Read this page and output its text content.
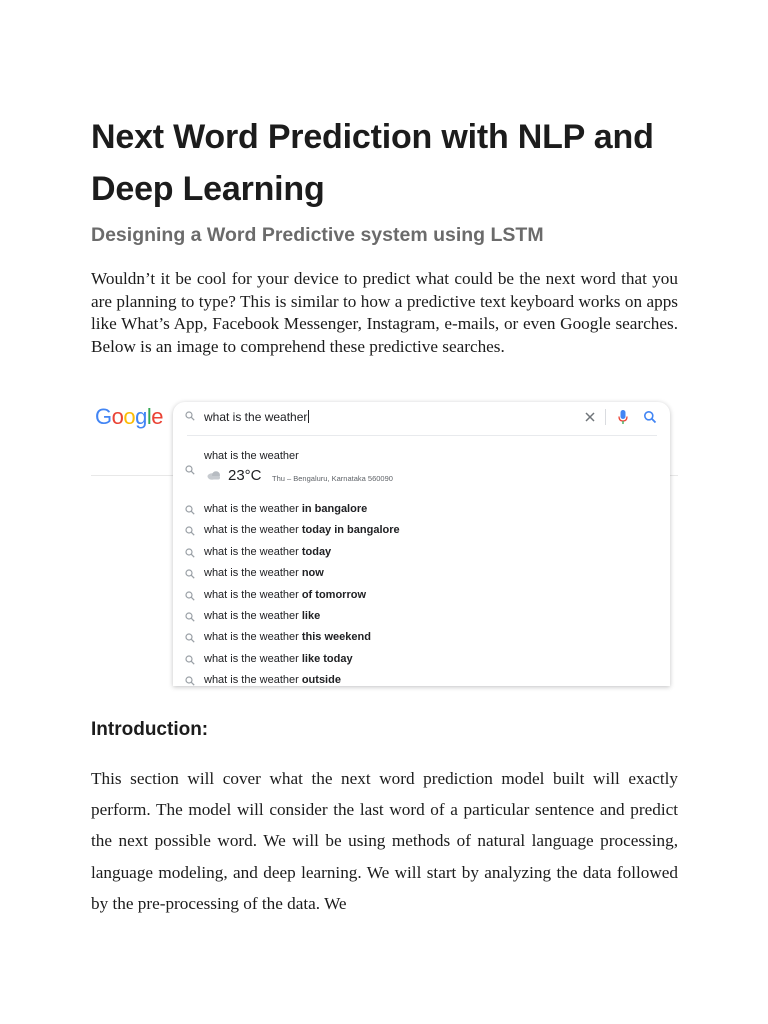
Next Word Prediction with NLP and Deep Learning
Designing a Word Predictive system using LSTM

Wouldn’t it be cool for your device to predict what could be the next word that you are planning to type? This is similar to how a predictive text keyboard works on apps like What’s App, Facebook Messenger, Instagram, e-mails, or even Google searches. Below is an image to comprehend these predictive searches.

Google	what is the weather
what is the weather
23°C Thu – Bengaluru, Karnataka 560090
what is the weather in bangalore
what is the weather today in bangalore
what is the weather today
what is the weather now
what is the weather of tomorrow
what is the weather like
what is the weather this weekend
what is the weather like today
what is the weather outside
Introduction:

This section will cover what the next word prediction model built will exactly perform. The model will consider the last word of a particular sentence and predict the next possible word. We will be using methods of natural language processing, language modeling, and deep learning. We will start by analyzing the data followed by the pre-processing of the data. We
